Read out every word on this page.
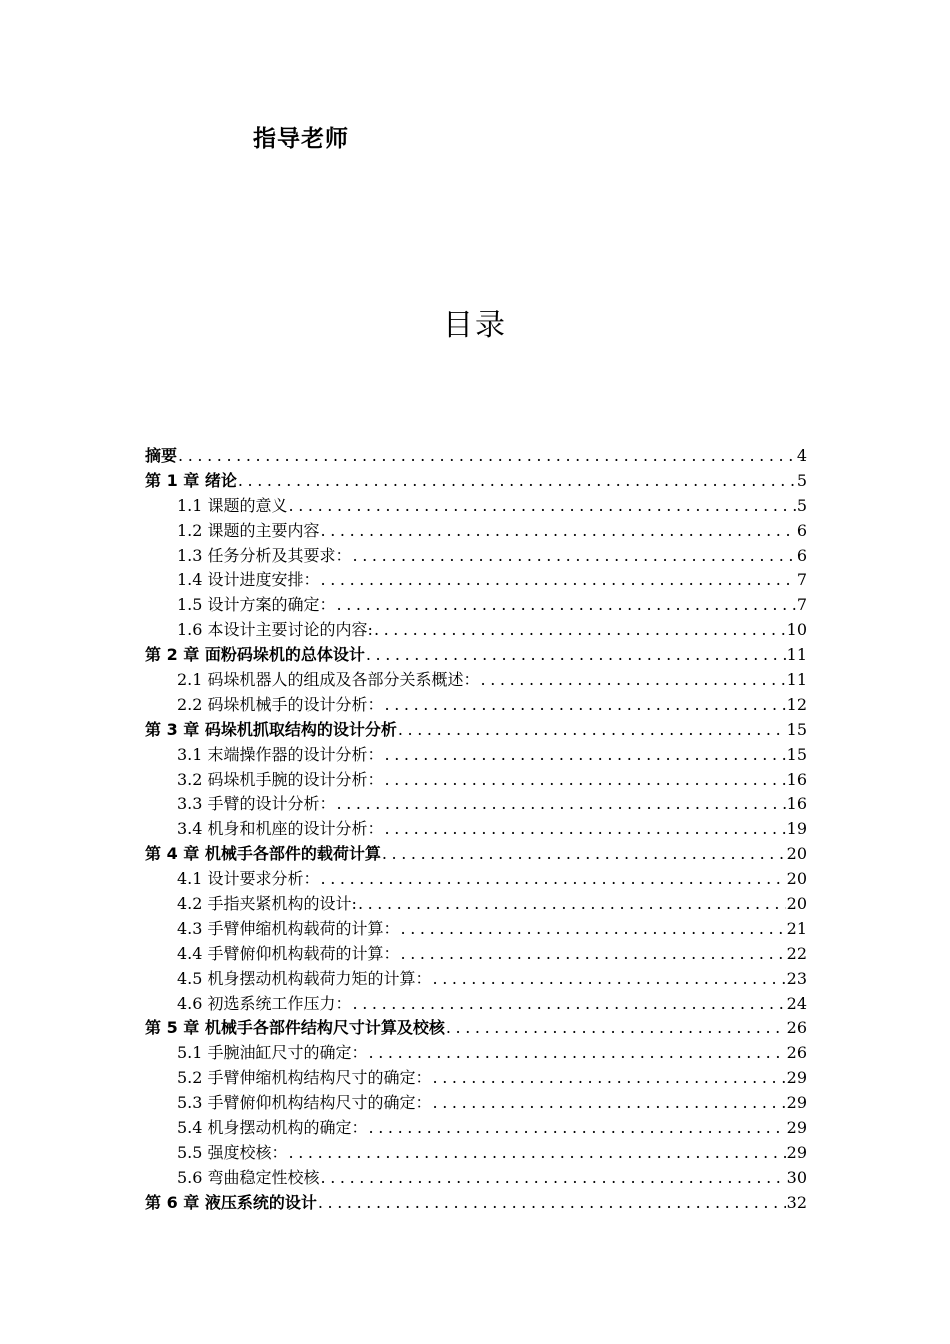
指导老师
目录
摘要 .....	4
第 1 章 绪论 .....	5
1.1 课题的意义 .....	5
1.2 课题的主要内容 .....	6
1.3 任务分析及其要求： .....	6
1.4 设计进度安排： .....	7
1.5 设计方案的确定： .....	7
1.6 本设计主要讨论的内容: .....	10
第 2 章 面粉码垛机的总体设计 .....	11
2.1 码垛机器人的组成及各部分关系概述： .....	11
2.2 码垛机械手的设计分析： .....	12
第 3 章 码垛机抓取结构的设计分析 .....	15
3.1 末端操作器的设计分析： .....	15
3.2 码垛机手腕的设计分析： .....	16
3.3 手臂的设计分析： .....	16
3.4 机身和机座的设计分析： .....	19
第 4 章 机械手各部件的载荷计算 .....	20
4.1 设计要求分析： .....	20
4.2 手指夹紧机构的设计: .....	20
4.3 手臂伸缩机构载荷的计算： .....	21
4.4 手臂俯仰机构载荷的计算： .....	22
4.5 机身摆动机构载荷力矩的计算： .....	23
4.6 初选系统工作压力： .....	24
第 5 章 机械手各部件结构尺寸计算及校核 .....	26
5.1 手腕油缸尺寸的确定： .....	26
5.2 手臂伸缩机构结构尺寸的确定： .....	29
5.3 手臂俯仰机构结构尺寸的确定： .....	29
5.4 机身摆动机构的确定： .....	29
5.5 强度校核： .....	29
5.6 弯曲稳定性校核 .....	30
第 6 章 液压系统的设计 .....	32
